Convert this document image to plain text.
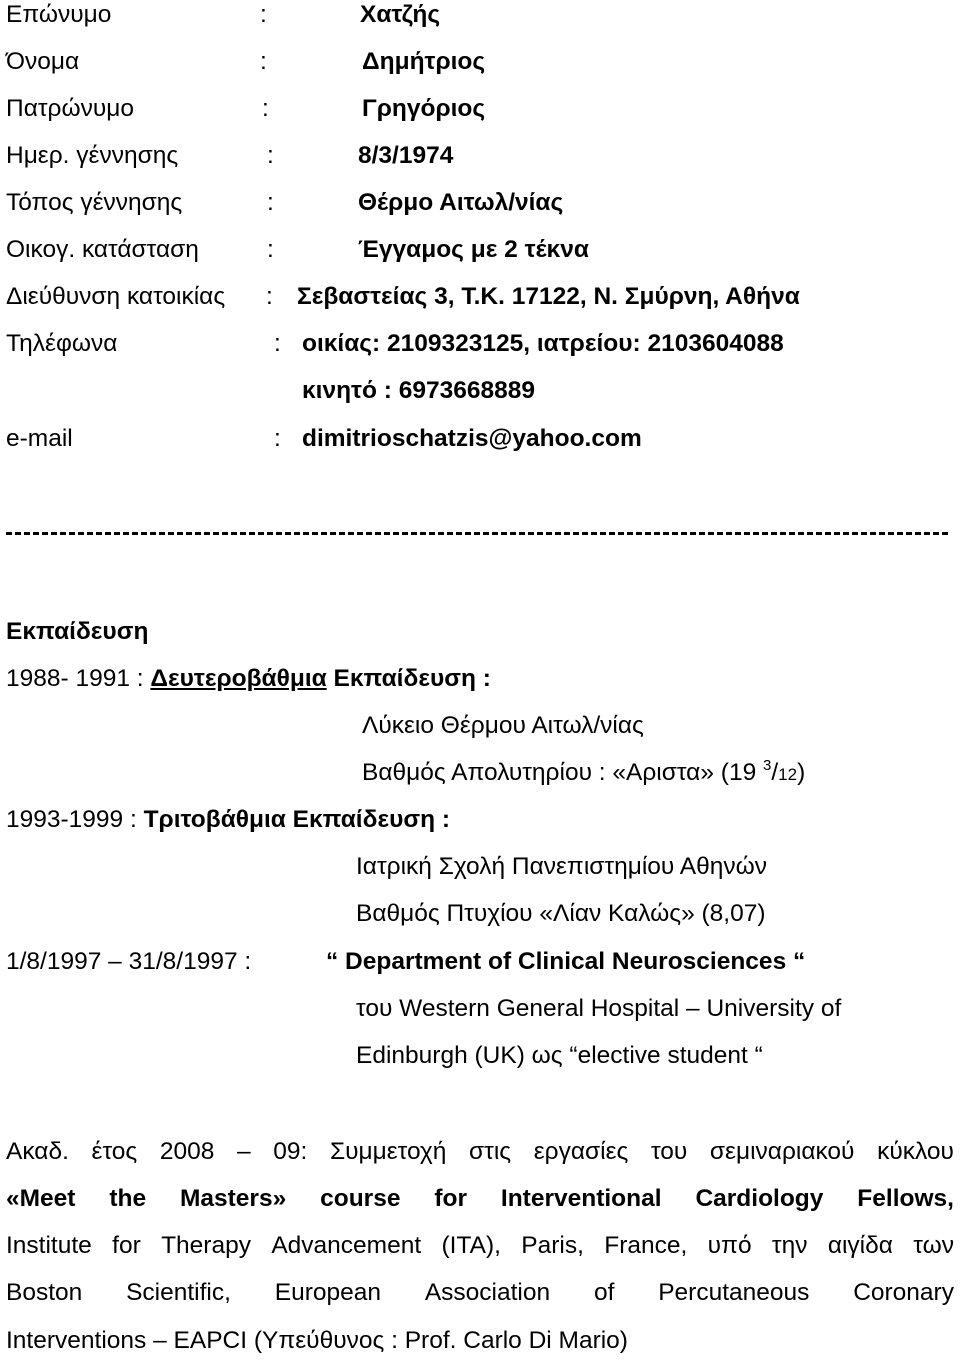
Επώνυμο	:	Χατζής
Όνομα	:	Δημήτριος
Πατρώνυμο	:	Γρηγόριος
Ημερ. γέννησης	:	8/3/1974
Τόπος γέννησης	:	Θέρμο Αιτωλ/νίας
Οικογ. κατάσταση	:	Έγγαμος με 2 τέκνα
Διεύθυνση κατοικίας : Σεβαστείας 3, Τ.Κ. 17122, Ν. Σμύρνη, Αθήνα
Τηλέφωνα	: οικίας: 2109323125, ιατρείου: 2103604088
κινητό : 6973668889
e-mail	: dimitrioschatzis@yahoo.com
Εκπαίδευση
1988- 1991 : Δευτεροβάθμια Εκπαίδευση :
Λύκειο Θέρμου Αιτωλ/νίας
Βαθμός Απολυτηρίου : «Αριστα» (19 $^3$/12)
1993-1999 : Τριτοβάθμια Εκπαίδευση :
Ιατρική Σχολή Πανεπιστημίου Αθηνών
Βαθμός Πτυχίου «Λίαν Καλώς» (8,07)
1/8/1997 – 31/8/1997 :	“ Department of Clinical Neurosciences “
του Western General Hospital – University of
Edinburgh (UK) ως “elective student “
Ακαδ. έτος 2008 – 09: Συμμετοχή στις εργασίες του σεμιναριακού κύκλου
«Meet the Masters» course for Interventional Cardiology Fellows,
Institute for Therapy Advancement (ITA), Paris, France, υπό την αιγίδα των
Boston Scientific, European Association of Percutaneous Coronary
Interventions – EAPCI (Υπεύθυνος : Prof. Carlo Di Mario)
